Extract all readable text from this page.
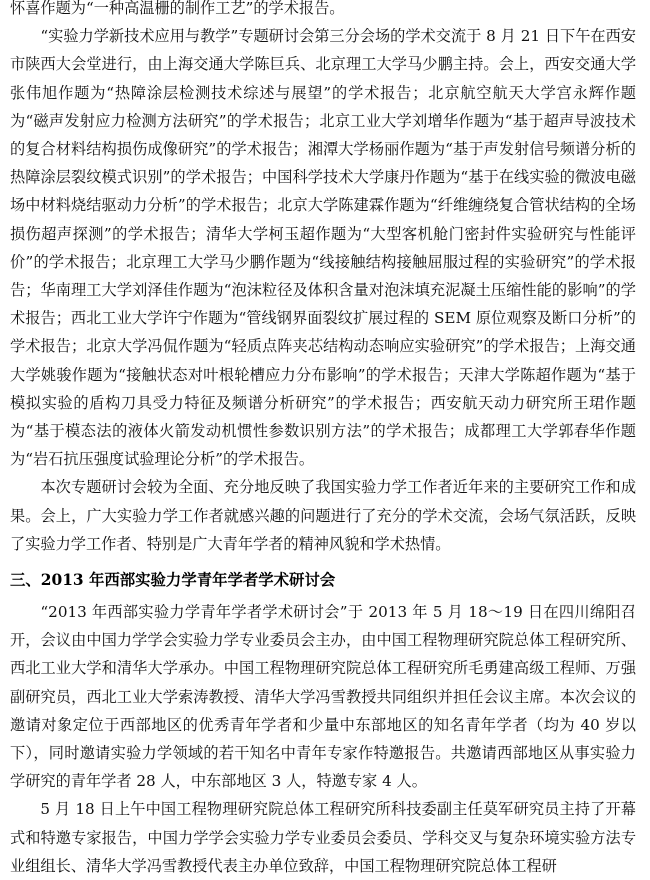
怀喜作题为“一种高温栅的制作工艺”的学术报告。

“实验力学新技术应用与教学”专题研讨会第三分会场的学术交流于 8 月 21 日下午在西安市陕西大会堂进行，由上海交通大学陈巨兵、北京理工大学马少鹏主持。会上，西安交通大学张伟旭作题为“热障涂层检测技术综述与展望”的学术报告；北京航空航天大学宫永辉作题为“磁声发射应力检测方法研究”的学术报告；北京工业大学刘增华作题为“基于超声导波技术的复合材料结构损伤成像研究”的学术报告；湘潭大学杨丽作题为“基于声发射信号频谱分析的热障涂层裂纹模式识别”的学术报告；中国科学技术大学康丹作题为“基于在线实验的微波电磁场中材料烧结驱动力分析”的学术报告；北京大学陈建霖作题为“纤维缠绕复合管状结构的全场损伤超声探测”的学术报告；清华大学柯玉超作题为“大型客机舱门密封件实验研究与性能评价”的学术报告；北京理工大学马少鹏作题为“线接触结构接触屈服过程的实验研究”的学术报告；华南理工大学刘泽佳作题为“泡沫粒径及体积含量对泡沫填充泥凝土压缩性能的影响”的学术报告；西北工业大学许宁作题为“管线钢界面裂纹扩展过程的 SEM 原位观察及断口分析”的学术报告；北京大学冯侃作题为“轻质点阵夹芯结构动态响应实验研究”的学术报告；上海交通大学姚骏作题为“接触状态对叶根轮槽应力分布影响”的学术报告；天津大学陈超作题为“基于模拟实验的盾构刀具受力特征及频谱分析研究”的学术报告；西安航天动力研究所王珺作题为“基于模态法的液体火箭发动机惯性参数识别方法”的学术报告；成都理工大学郭春华作题为“岩石抗压强度试验理论分析”的学术报告。

本次专题研讨会较为全面、充分地反映了我国实验力学工作者近年来的主要研究工作和成果。会上，广大实验力学工作者就感兴趣的问题进行了充分的学术交流，会场气氛活跃，反映了实验力学工作者、特别是广大青年学者的精神风貌和学术热情。

三、2013 年西部实验力学青年学者学术研讨会

“2013 年西部实验力学青年学者学术研讨会”于 2013 年 5 月 18～19 日在四川绵阳召开，会议由中国力学学会实验力学专业委员会主办，由中国工程物理研究院总体工程研究所、西北工业大学和清华大学承办。中国工程物理研究院总体工程研究所毛勇建高级工程师、万强副研究员，西北工业大学索涛教授、清华大学冯雪教授共同组织并担任会议主席。本次会议的邀请对象定位于西部地区的优秀青年学者和少量中东部地区的知名青年学者（均为 40 岁以下），同时邀请实验力学领域的若干知名中青年专家作特邀报告。共邀请西部地区从事实验力学研究的青年学者 28 人，中东部地区 3 人，特邀专家 4 人。

5 月 18 日上午中国工程物理研究院总体工程研究所科技委副主任莫军研究员主持了开幕式和特邀专家报告，中国力学学会实验力学专业委员会委员、学科交叉与复杂环境实验方法专业组组长、清华大学冯雪教授代表主办单位致辞，中国工程物理研究院总体工程研
